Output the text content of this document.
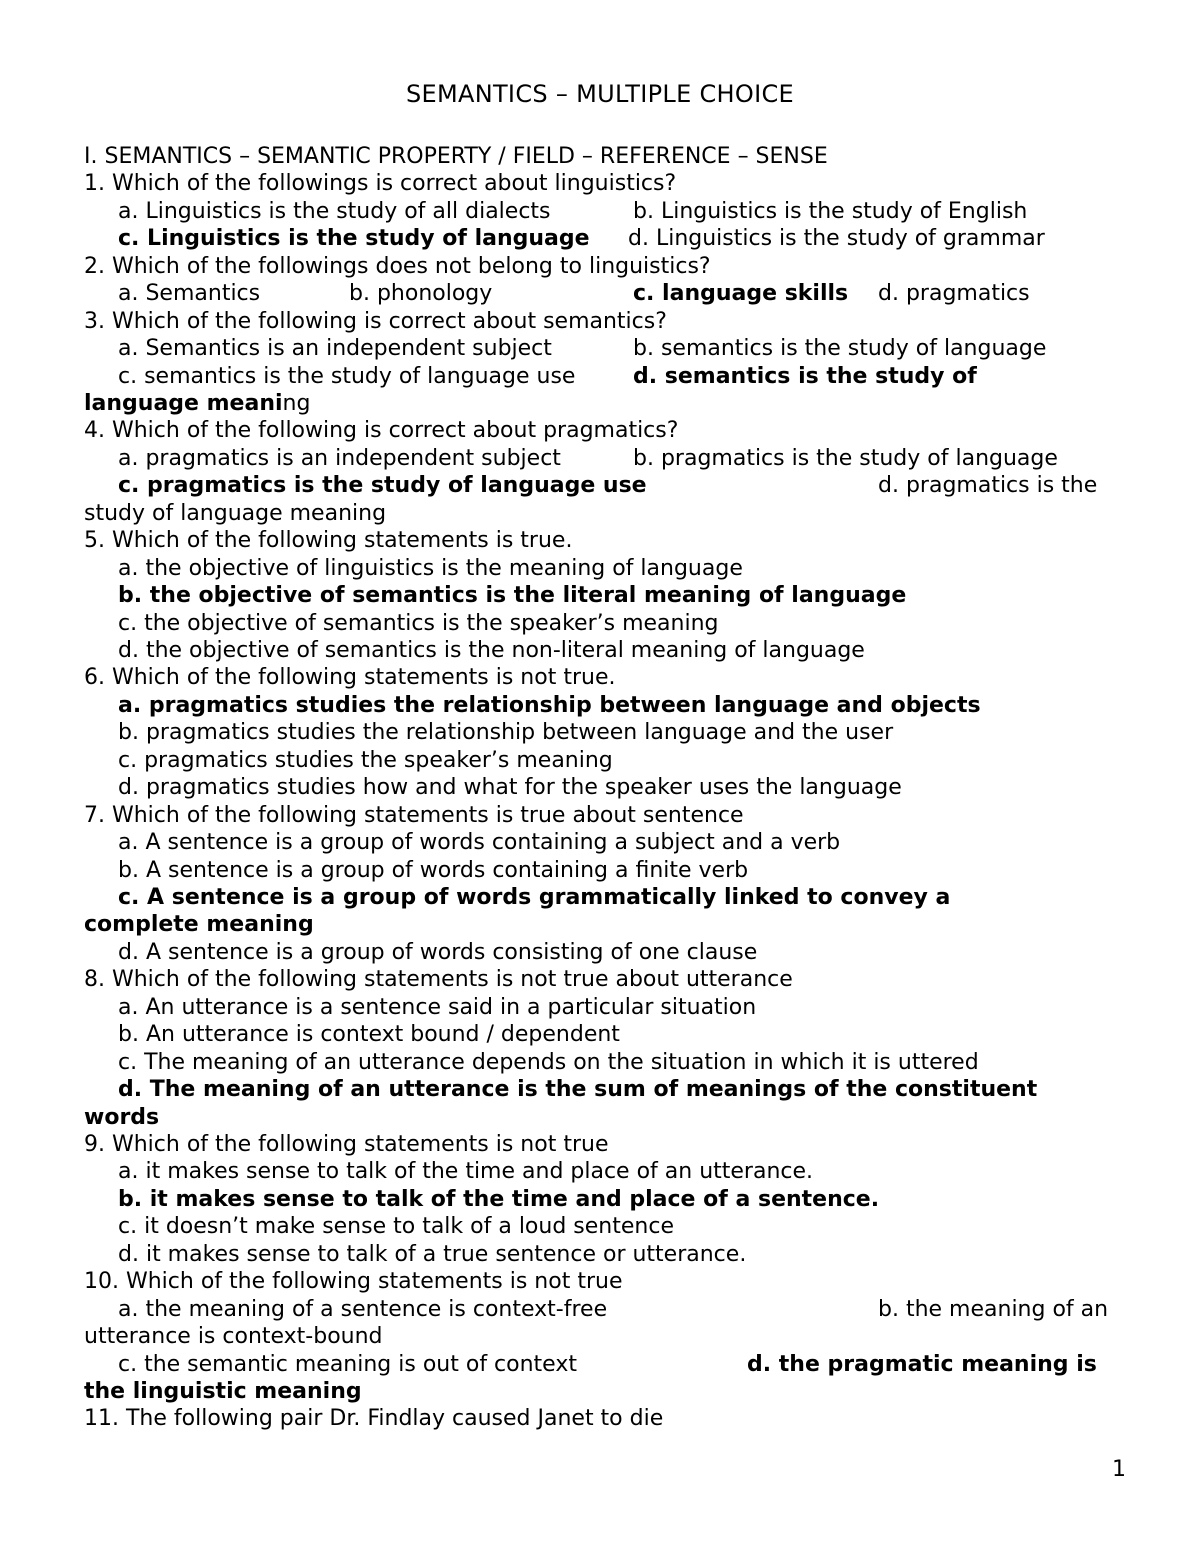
SEMANTICS – MULTIPLE CHOICE
I. SEMANTICS – SEMANTIC PROPERTY / FIELD – REFERENCE – SENSE
1. Which of the followings is correct about linguistics?
a. Linguistics is the study of all dialects	b. Linguistics is the study of English
c. Linguistics is the study of language d. Linguistics is the study of grammar
2. Which of the followings does not belong to linguistics?
a. Semantics	b. phonology	c. language skills d. pragmatics
3. Which of the following is correct about semantics?
a. Semantics is an independent subject	b. semantics is the study of language
c. semantics is the study of language use	d. semantics is the study of
language meaning
4. Which of the following is correct about pragmatics?
a. pragmatics is an independent subject	b. pragmatics is the study of language
c. pragmatics is the study of language use	d. pragmatics is the
study of language meaning
5. Which of the following statements is true.
a. the objective of linguistics is the meaning of language
b. the objective of semantics is the literal meaning of language
c. the objective of semantics is the speaker’s meaning
d. the objective of semantics is the non-literal meaning of language
6. Which of the following statements is not true.
a. pragmatics studies the relationship between language and objects
b. pragmatics studies the relationship between language and the user
c. pragmatics studies the speaker’s meaning
d. pragmatics studies how and what for the speaker uses the language
7. Which of the following statements is true about sentence
a. A sentence is a group of words containing a subject and a verb
b. A sentence is a group of words containing a finite verb
c. A sentence is a group of words grammatically linked to convey a
complete meaning
d. A sentence is a group of words consisting of one clause
8. Which of the following statements is not true about utterance
a. An utterance is a sentence said in a particular situation
b. An utterance is context bound / dependent
c. The meaning of an utterance depends on the situation in which it is uttered
d. The meaning of an utterance is the sum of meanings of the constituent
words
9. Which of the following statements is not true
a. it makes sense to talk of the time and place of an utterance.
b. it makes sense to talk of the time and place of a sentence.
c. it doesn’t make sense to talk of a loud sentence
d. it makes sense to talk of a true sentence or utterance.
10. Which of the following statements is not true
a. the meaning of a sentence is context-free	b. the meaning of an
utterance is context-bound
c. the semantic meaning is out of context	d. the pragmatic meaning is
the linguistic meaning
11. The following pair Dr. Findlay caused Janet to die
1
